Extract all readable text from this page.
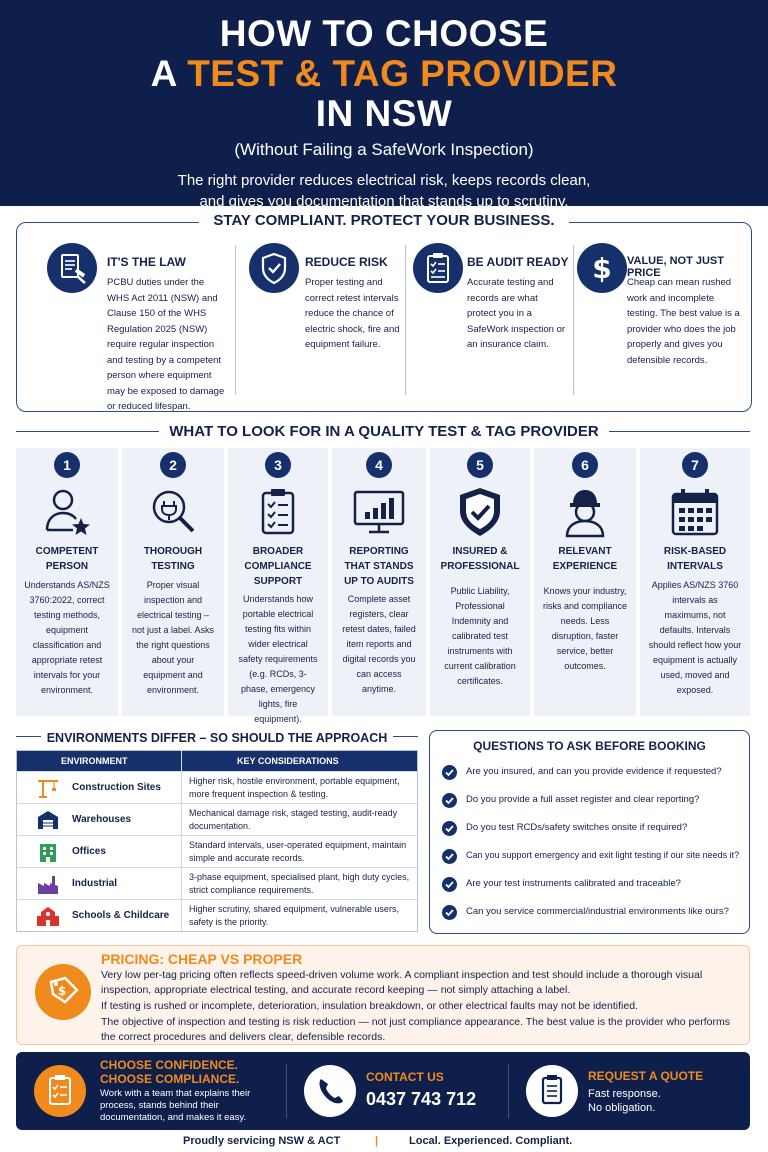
HOW TO CHOOSE
A TEST & TAG PROVIDER
IN NSW
(Without Failing a SafeWork Inspection)
The right provider reduces electrical risk, keeps records clean,
and gives you documentation that stands up to scrutiny.
STAY COMPLIANT. PROTECT YOUR BUSINESS.
IT'S THE LAW

PCBU duties under the WHS Act 2011 (NSW) and Clause 150 of the WHS Regulation 2025 (NSW) require regular inspection and testing by a competent person where equipment may be exposed to damage or reduced lifespan.

REDUCE RISK

Proper testing and correct retest intervals reduce the chance of electric shock, fire and equipment failure.

BE AUDIT READY

Accurate testing and records are what protect you in a SafeWork inspection or an insurance claim.

$ VALUE, NOT JUST PRICE

Cheap can mean rushed work and incomplete testing. The best value is a provider who does the job properly and gives you defensible records.

WHAT TO LOOK FOR IN A QUALITY TEST & TAG PROVIDER
1
COMPETENT PERSON

Understands AS/NZS 3760:2022, correct testing methods, equipment classification and appropriate retest intervals for your environment.

2
THOROUGH TESTING

Proper visual inspection and electrical testing – not just a label. Asks the right questions about your equipment and environment.

3
BROADER COMPLIANCE SUPPORT

Understands how portable electrical testing fits within wider electrical safety requirements (e.g. RCDs, 3-phase, emergency lights, fire equipment).

4
REPORTING THAT STANDS UP TO AUDITS

Complete asset registers, clear retest dates, failed item reports and digital records you can access anytime.

5
INSURED & PROFESSIONAL

Public Liability, Professional Indemnity and calibrated test instruments with current calibration certificates.

6
RELEVANT EXPERIENCE

Knows your industry, risks and compliance needs. Less disruption, faster service, better outcomes.

7
RISK-BASED INTERVALS

Applies AS/NZS 3760 intervals as maximums, not defaults. Intervals should reflect how your equipment is actually used, moved and exposed.

ENVIRONMENTS DIFFER – SO SHOULD THE APPROACH
ENVIRONMENT	KEY CONSIDERATIONS
Construction Sites
Higher risk, hostile environment, portable equipment, more frequent inspection & testing.
Warehouses
Mechanical damage risk, staged testing, audit-ready documentation.
Offices
Standard intervals, user-operated equipment, maintain simple and accurate records.
Industrial
3-phase equipment, specialised plant, high duty cycles, strict compliance requirements.
Schools & Childcare
Higher scrutiny, shared equipment, vulnerable users, safety is the priority.
QUESTIONS TO ASK BEFORE BOOKING
Are you insured, and can you provide evidence if requested?
Do you provide a full asset register and clear reporting?
Do you test RCDs/safety switches onsite if required?
Can you support emergency and exit light testing if our site needs it?
Are your test instruments calibrated and traceable?
Can you service commercial/industrial environments like ours?
$
PRICING: CHEAP VS PROPER
Very low per-tag pricing often reflects speed-driven volume work. A compliant inspection and test should include a thorough visual inspection, appropriate electrical testing, and accurate record keeping — not simply attaching a label.
If testing is rushed or incomplete, deterioration, insulation breakdown, or other electrical faults may not be identified.
The objective of inspection and testing is risk reduction — not just compliance appearance. The best value is the provider who performs the correct procedures and delivers clear, defensible records.
CHOOSE CONFIDENCE.
CHOOSE COMPLIANCE.
Work with a team that explains their process, stands behind their documentation, and makes it easy.
CONTACT US
0437 743 712
REQUEST A QUOTE
Fast response.
No obligation.
Proudly servicing NSW & ACT	|	Local. Experienced. Compliant.
